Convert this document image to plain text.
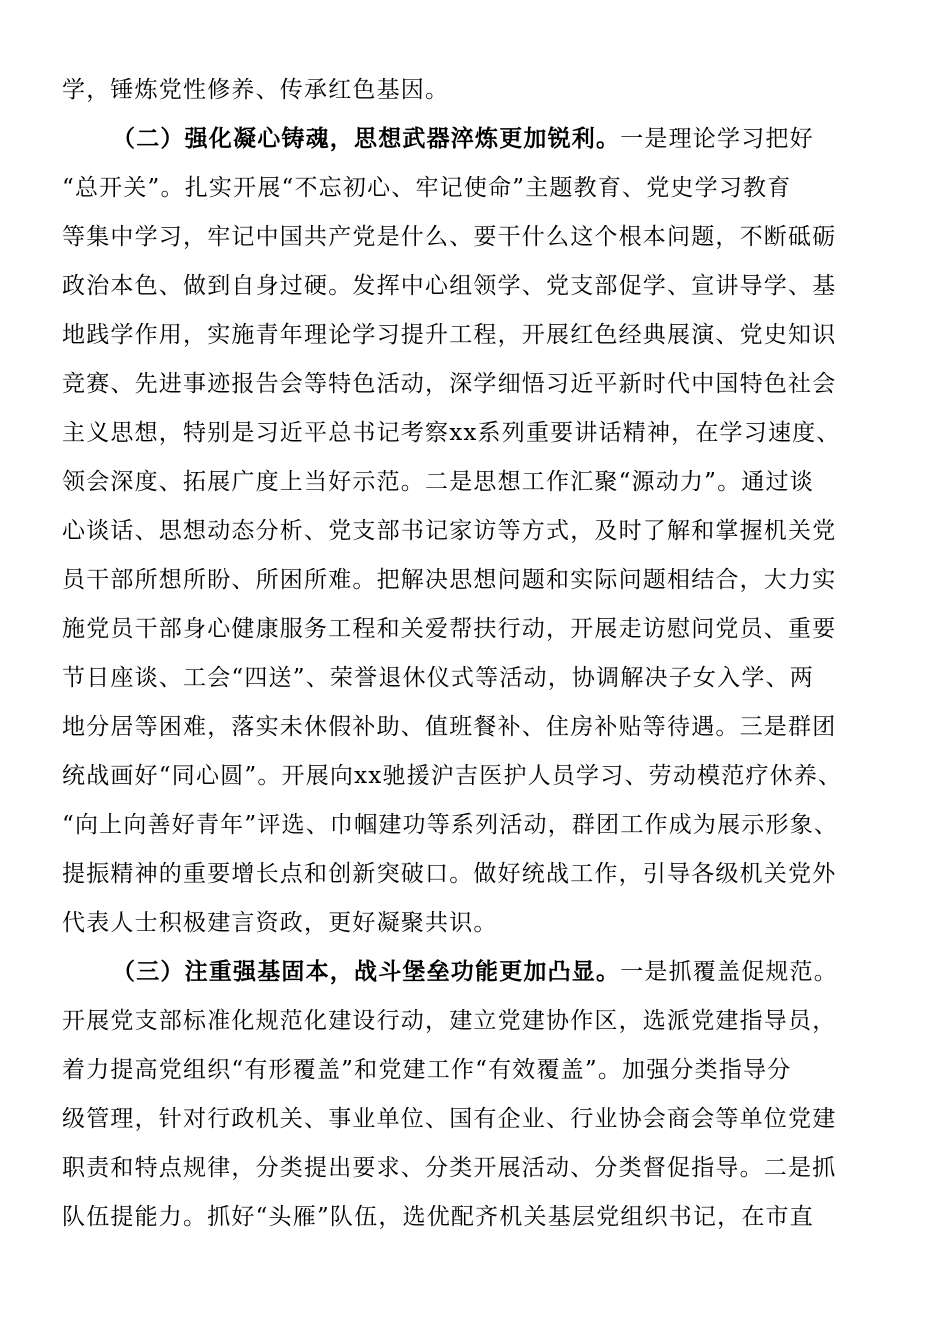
学，锤炼党性修养、传承红色基因。
（二）强化凝心铸魂，思想武器淬炼更加锐利。一是理论学习把好
“总开关”。扎实开展“不忘初心、牢记使命”主题教育、党史学习教育
等集中学习，牢记中国共产党是什么、要干什么这个根本问题，不断砥砺
政治本色、做到自身过硬。发挥中心组领学、党支部促学、宣讲导学、基
地践学作用，实施青年理论学习提升工程，开展红色经典展演、党史知识
竞赛、先进事迹报告会等特色活动，深学细悟习近平新时代中国特色社会
主义思想，特别是习近平总书记考察xx系列重要讲话精神，在学习速度、
领会深度、拓展广度上当好示范。二是思想工作汇聚“源动力”。通过谈
心谈话、思想动态分析、党支部书记家访等方式，及时了解和掌握机关党
员干部所想所盼、所困所难。把解决思想问题和实际问题相结合，大力实
施党员干部身心健康服务工程和关爱帮扶行动，开展走访慰问党员、重要
节日座谈、工会“四送”、荣誉退休仪式等活动，协调解决子女入学、两
地分居等困难，落实未休假补助、值班餐补、住房补贴等待遇。三是群团
统战画好“同心圆”。开展向xx驰援沪吉医护人员学习、劳动模范疗休养、
“向上向善好青年”评选、巾帼建功等系列活动，群团工作成为展示形象、
提振精神的重要增长点和创新突破口。做好统战工作，引导各级机关党外
代表人士积极建言资政，更好凝聚共识。
（三）注重强基固本，战斗堡垒功能更加凸显。一是抓覆盖促规范。
开展党支部标准化规范化建设行动，建立党建协作区，选派党建指导员，
着力提高党组织“有形覆盖”和党建工作“有效覆盖”。加强分类指导分
级管理，针对行政机关、事业单位、国有企业、行业协会商会等单位党建
职责和特点规律，分类提出要求、分类开展活动、分类督促指导。二是抓
队伍提能力。抓好“头雁”队伍，选优配齐机关基层党组织书记，在市直
